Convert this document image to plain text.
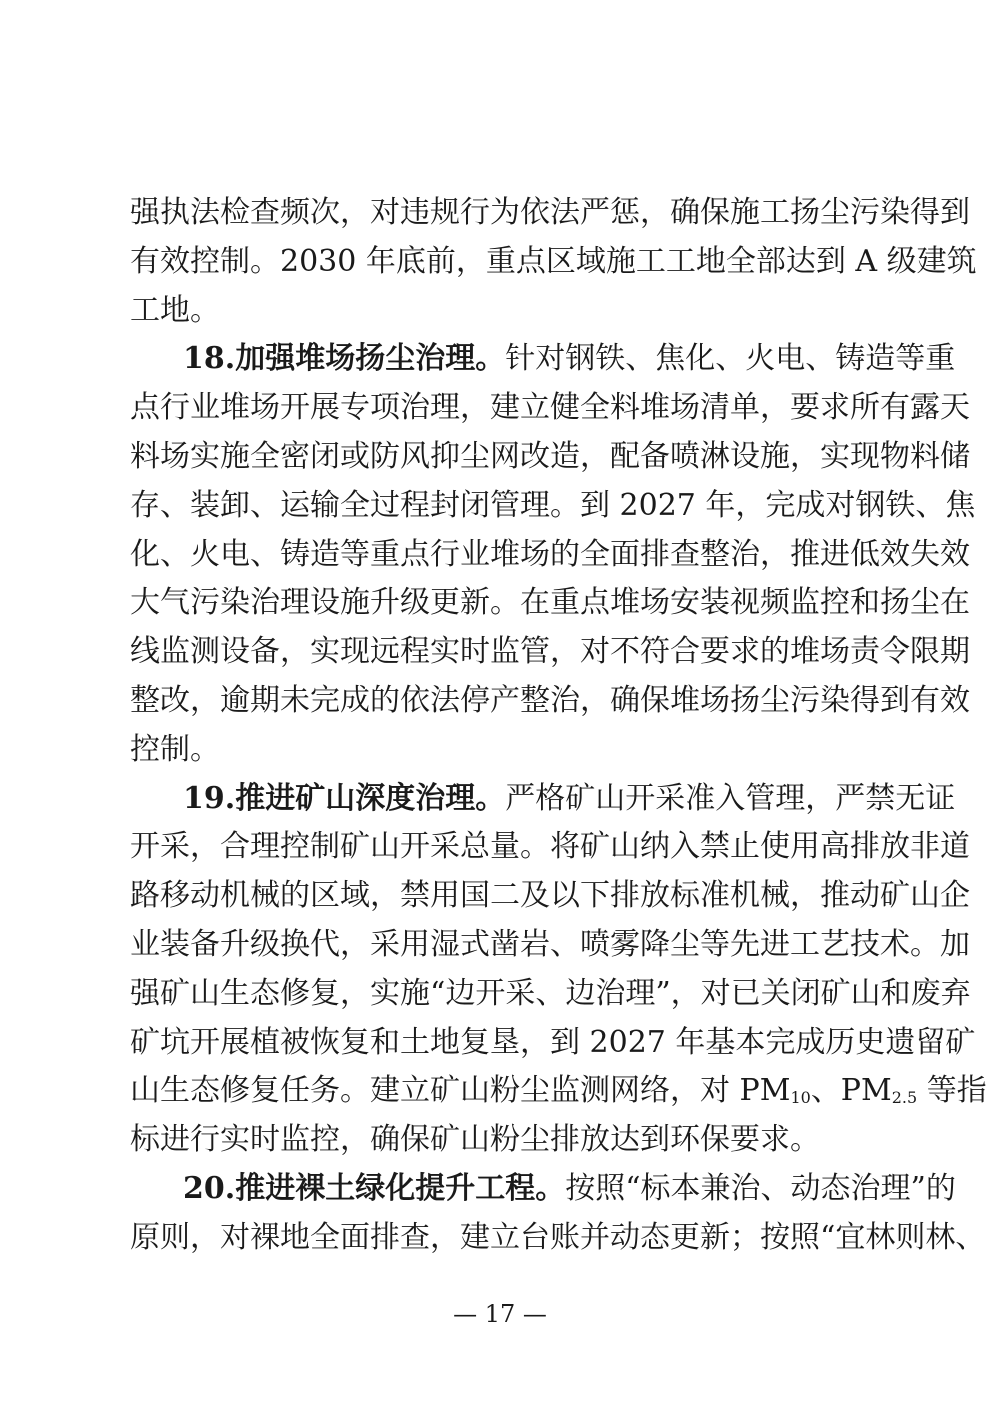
强执法检查频次，对违规行为依法严惩，确保施工扬尘污染得到
有效控制。2030 年底前，重点区域施工工地全部达到 A 级建筑
工地。
18.加强堆场扬尘治理。针对钢铁、焦化、火电、铸造等重
点行业堆场开展专项治理，建立健全料堆场清单，要求所有露天
料场实施全密闭或防风抑尘网改造，配备喷淋设施，实现物料储
存、装卸、运输全过程封闭管理。到 2027 年，完成对钢铁、焦
化、火电、铸造等重点行业堆场的全面排查整治，推进低效失效
大气污染治理设施升级更新。在重点堆场安装视频监控和扬尘在
线监测设备，实现远程实时监管，对不符合要求的堆场责令限期
整改，逾期未完成的依法停产整治，确保堆场扬尘污染得到有效
控制。
19.推进矿山深度治理。严格矿山开采准入管理，严禁无证
开采，合理控制矿山开采总量。将矿山纳入禁止使用高排放非道
路移动机械的区域，禁用国二及以下排放标准机械，推动矿山企
业装备升级换代，采用湿式凿岩、喷雾降尘等先进工艺技术。加
强矿山生态修复，实施“边开采、边治理”，对已关闭矿山和废弃
矿坑开展植被恢复和土地复垦，到 2027 年基本完成历史遗留矿
山生态修复任务。建立矿山粉尘监测网络，对 $PM_{10}$、$PM_{2.5}$ 等指
标进行实时监控，确保矿山粉尘排放达到环保要求。
20.推进裸土绿化提升工程。按照“标本兼治、动态治理”的
原则，对裸地全面排查，建立台账并动态更新；按照“宜林则林、
— 17 —
